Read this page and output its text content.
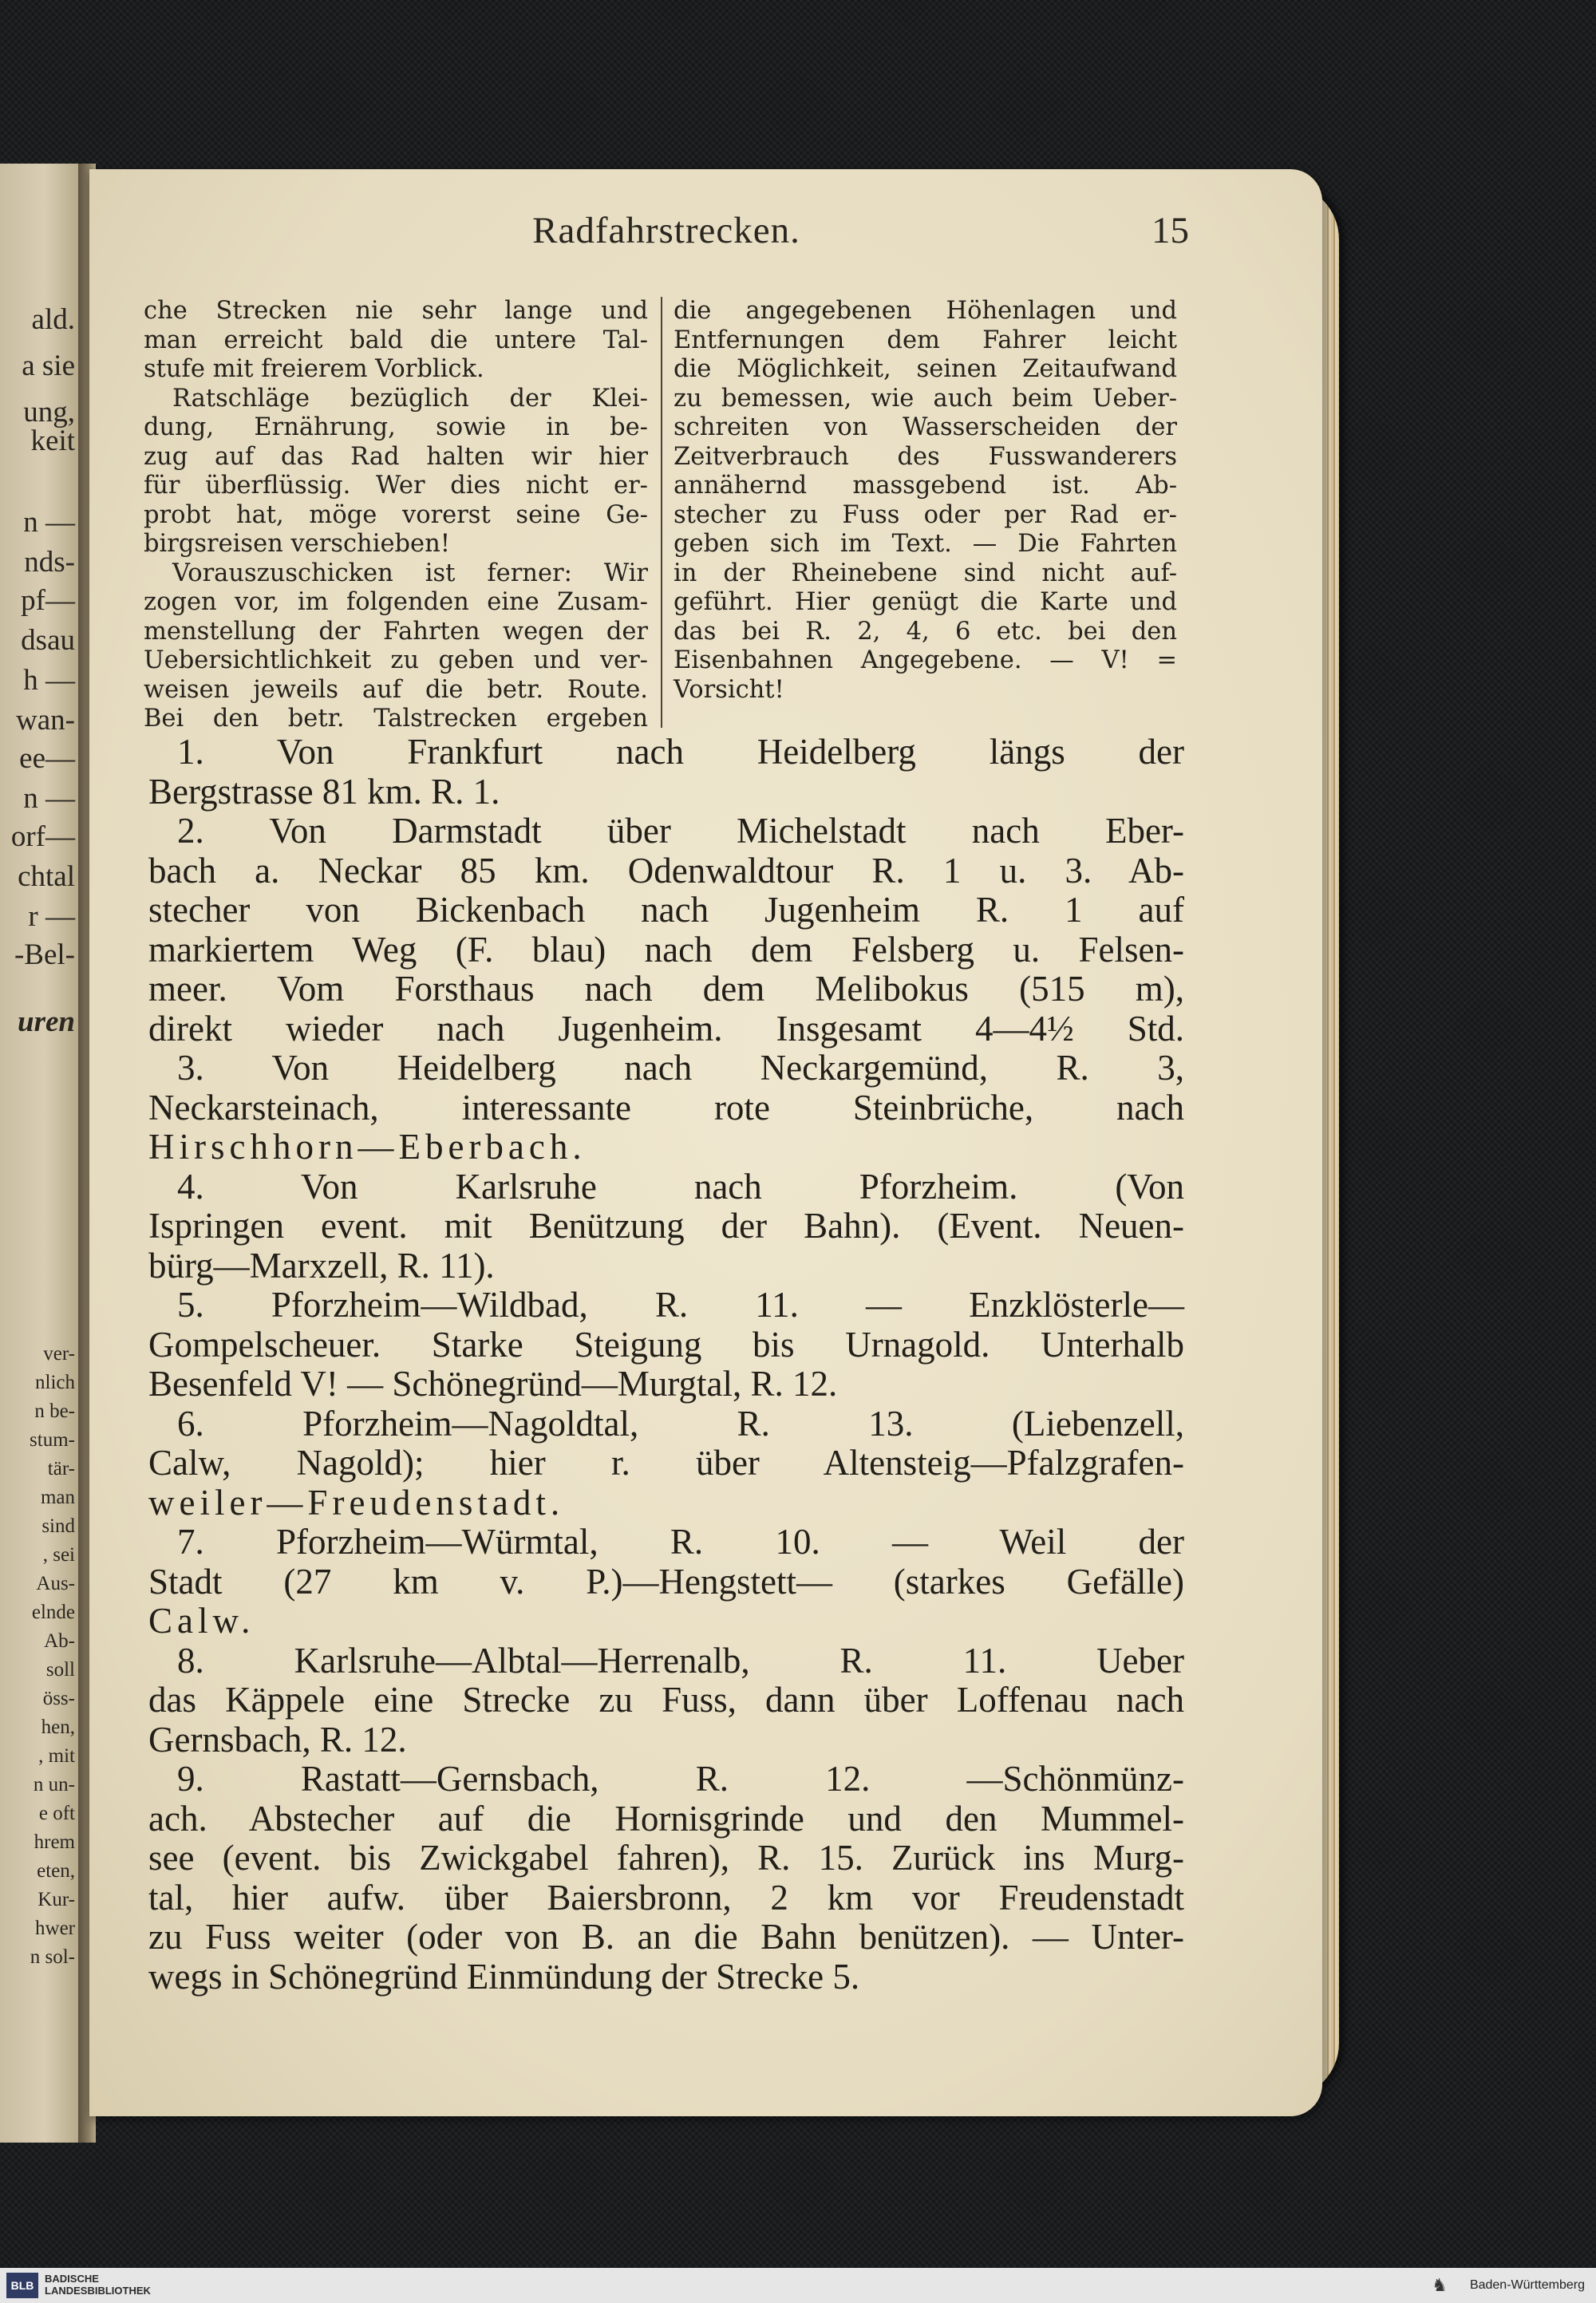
ald.
a sie
ung,
keit
n —
nds-
pf—
dsau
h —
wan-
ee—
n —
orf—
chtal
r —
-Bel-
uren
ver-
nlich
n be-
stum-
tär-
man
sind
, sei
Aus-
elnde
Ab-
soll
öss-
hen,
, mit
n un-
e oft
hrem
eten,
Kur-
hwer
n sol-
Radfahrstrecken.	15
che Strecken nie sehr lange und
man erreicht bald die untere Tal-
stufe mit freierem Vorblick.
Ratschläge bezüglich der Klei-
dung, Ernährung, sowie in be-
zug auf das Rad halten wir hier
für überflüssig. Wer dies nicht er-
probt hat, möge vorerst seine Ge-
birgsreisen verschieben!
Vorauszuschicken ist ferner: Wir
zogen vor, im folgenden eine Zusam-
menstellung der Fahrten wegen der
Uebersichtlichkeit zu geben und ver-
weisen jeweils auf die betr. Route.
Bei den betr. Talstrecken ergeben
die angegebenen Höhenlagen und
Entfernungen dem Fahrer leicht
die Möglichkeit, seinen Zeitaufwand
zu bemessen, wie auch beim Ueber-
schreiten von Wasserscheiden der
Zeitverbrauch des Fusswanderers
annähernd massgebend ist. Ab-
stecher zu Fuss oder per Rad er-
geben sich im Text. — Die Fahrten
in der Rheinebene sind nicht auf-
geführt. Hier genügt die Karte und
das bei R. 2, 4, 6 etc. bei den
Eisenbahnen Angegebene. — V! =
Vorsicht!
1. Von Frankfurt nach Heidelberg längs der
Bergstrasse 81 km. R. 1.
2. Von Darmstadt über Michelstadt nach Eber-
bach a. Neckar 85 km. Odenwaldtour R. 1 u. 3. Ab-
stecher von Bickenbach nach Jugenheim R. 1 auf
markiertem Weg (F. blau) nach dem Felsberg u. Felsen-
meer. Vom Forsthaus nach dem Melibokus (515 m),
direkt wieder nach Jugenheim. Insgesamt 4—4½ Std.
3. Von Heidelberg nach Neckargemünd, R. 3,
Neckarsteinach, interessante rote Steinbrüche, nach
Hirschhorn—Eberbach.
4. Von Karlsruhe nach Pforzheim. (Von
Ispringen event. mit Benützung der Bahn). (Event. Neuen-
bürg—Marxzell, R. 11).
5. Pforzheim—Wildbad, R. 11. — Enzklösterle—
Gompelscheuer. Starke Steigung bis Urnagold. Unterhalb
Besenfeld V! — Schönegründ—Murgtal, R. 12.
6. Pforzheim—Nagoldtal, R. 13. (Liebenzell,
Calw, Nagold); hier r. über Altensteig—Pfalzgrafen-
weiler—Freudenstadt.
7. Pforzheim—Würmtal, R. 10. — Weil der
Stadt (27 km v. P.)—Hengstett— (starkes Gefälle)
Calw.
8. Karlsruhe—Albtal—Herrenalb, R. 11. Ueber
das Käppele eine Strecke zu Fuss, dann über Loffenau nach
Gernsbach, R. 12.
9. Rastatt—Gernsbach, R. 12. —Schönmünz-
ach. Abstecher auf die Hornisgrinde und den Mummel-
see (event. bis Zwickgabel fahren), R. 15. Zurück ins Murg-
tal, hier aufw. über Baiersbronn, 2 km vor Freudenstadt
zu Fuss weiter (oder von B. an die Bahn benützen). — Unter-
wegs in Schönegründ Einmündung der Strecke 5.
BLB
BADISCHE
LANDESBIBLIOTHEK	♞ Baden-Württemberg
